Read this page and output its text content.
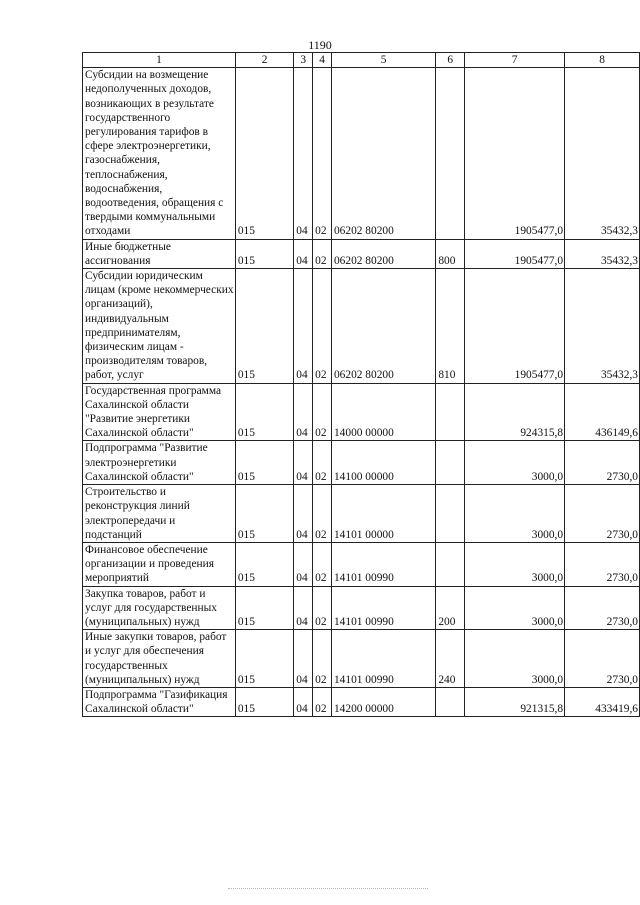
1190
1	2	3	4	5	6	7	8
Субсидии на возмещение недополученных доходов, возникающих в результате государственного регулирования тарифов в сфере электроэнергетики, газоснабжения, теплоснабжения, водоснабжения, водоотведения, обращения с твердыми коммунальными отходами	015	04	02	06202 80200		1905477,0	35432,3
Иные бюджетные ассигнования	015	04	02	06202 80200	800	1905477,0	35432,3
Субсидии юридическим лицам (кроме некоммерческих организаций), индивидуальным предпринимателям, физическим лицам - производителям товаров, работ, услуг	015	04	02	06202 80200	810	1905477,0	35432,3
Государственная программа Сахалинской области "Развитие энергетики Сахалинской области"	015	04	02	14000 00000		924315,8	436149,6
Подпрограмма "Развитие электроэнергетики Сахалинской области"	015	04	02	14100 00000		3000,0	2730,0
Строительство и реконструкция линий электропередачи и подстанций	015	04	02	14101 00000		3000,0	2730,0
Финансовое обеспечение организации и проведения мероприятий	015	04	02	14101 00990		3000,0	2730,0
Закупка товаров, работ и услуг для государственных (муниципальных) нужд	015	04	02	14101 00990	200	3000,0	2730,0
Иные закупки товаров, работ и услуг для обеспечения государственных (муниципальных) нужд	015	04	02	14101 00990	240	3000,0	2730,0
Подпрограмма "Газификация Сахалинской области"	015	04	02	14200 00000		921315,8	433419,6
